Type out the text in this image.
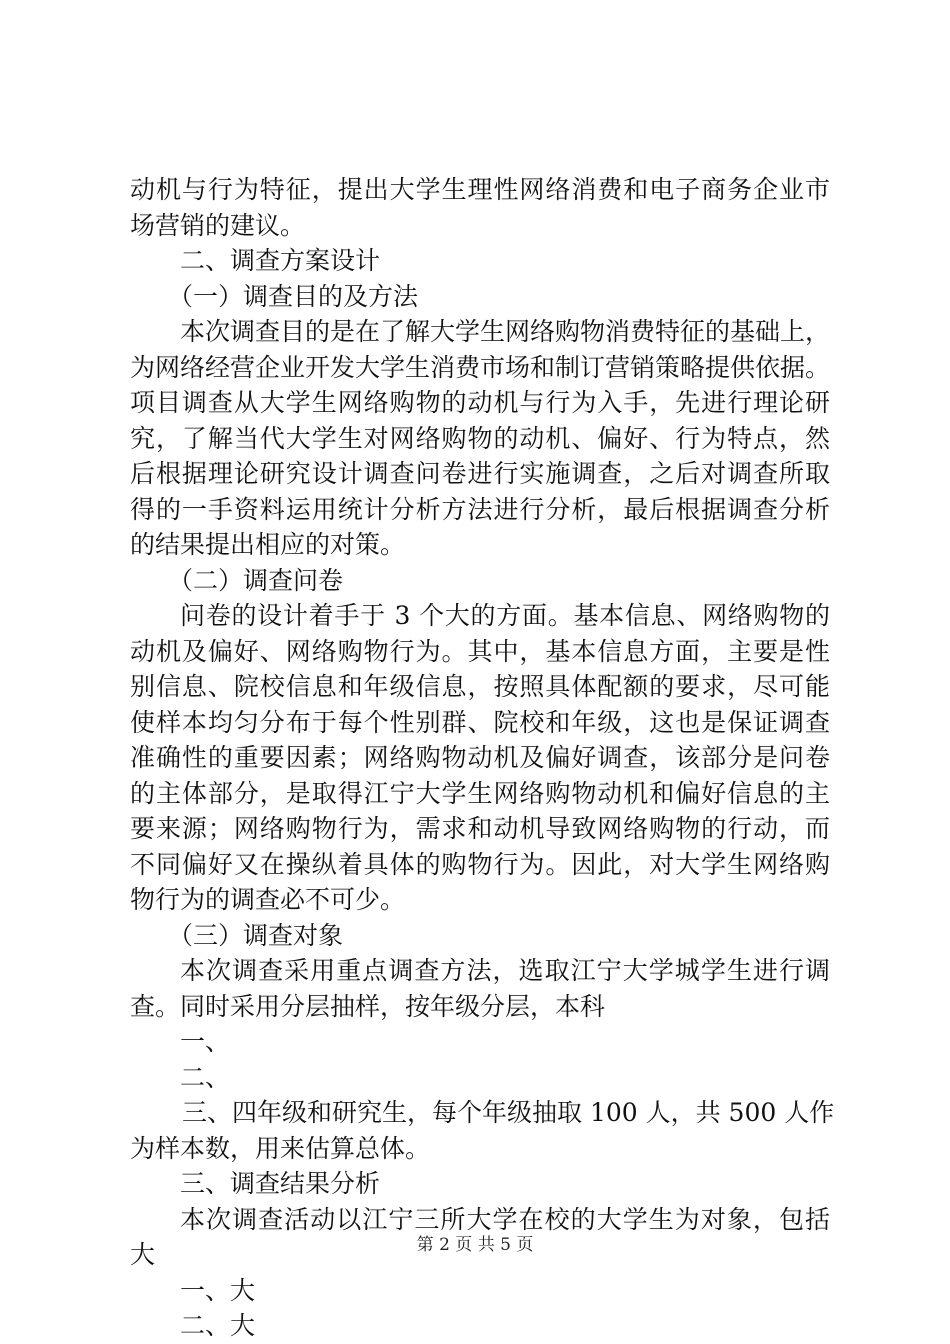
动机与行为特征，提出大学生理性网络消费和电子商务企业市
场营销的建议。
二、调查方案设计
（一）调查目的及方法
本次调查目的是在了解大学生网络购物消费特征的基础上，
为网络经营企业开发大学生消费市场和制订营销策略提供依据。
项目调查从大学生网络购物的动机与行为入手，先进行理论研
究，了解当代大学生对网络购物的动机、偏好、行为特点，然
后根据理论研究设计调查问卷进行实施调查，之后对调查所取
得的一手资料运用统计分析方法进行分析，最后根据调查分析
的结果提出相应的对策。
（二）调查问卷
问卷的设计着手于 3 个大的方面。基本信息、网络购物的
动机及偏好、网络购物行为。其中，基本信息方面，主要是性
别信息、院校信息和年级信息，按照具体配额的要求，尽可能
使样本均匀分布于每个性别群、院校和年级，这也是保证调查
准确性的重要因素；网络购物动机及偏好调查，该部分是问卷
的主体部分，是取得江宁大学生网络购物动机和偏好信息的主
要来源；网络购物行为，需求和动机导致网络购物的行动，而
不同偏好又在操纵着具体的购物行为。因此，对大学生网络购
物行为的调查必不可少。
（三）调查对象
本次调查采用重点调查方法，选取江宁大学城学生进行调
查。同时采用分层抽样，按年级分层，本科
一、
二、
三、四年级和研究生，每个年级抽取 100 人，共 500 人作
为样本数，用来估算总体。
三、调查结果分析
本次调查活动以江宁三所大学在校的大学生为对象，包括
大
一、大
二、大
第 2 页 共 5 页
